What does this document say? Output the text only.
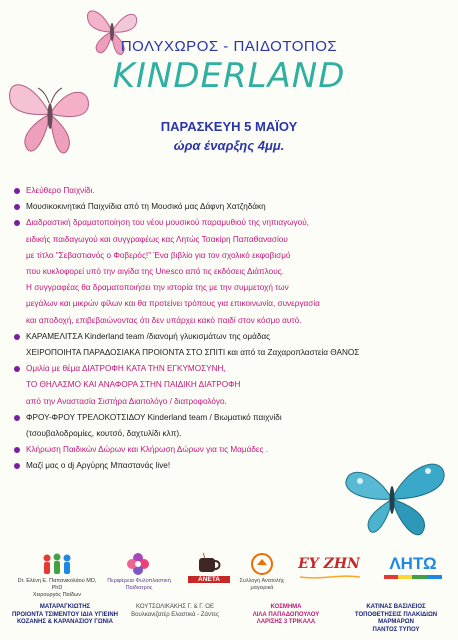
ΠΟΛΥΧΩΡΟΣ - ΠΑΙΔΟΤΟΠΟΣ
KINDERLAND
ΠΑΡΑΣΚΕΥΗ 5 ΜΑΪΟΥ
ώρα έναρξης 4μμ.
Ελεύθερο Παιχνίδι.
Μουσικοκινητικά Παιχνίδια από τη Μουσικό μας Δάφνη Χατζηδάκη
Διαδραστική δραματοποίηση του νέου μουσικού παραμυθιού της νηπιαγωγού,
ειδικής παιδαγωγού και συγγραφέως κας Λητώς Τσακίρη Παπαθανασίου
με τίτλο "Σεβαστιανός ο Φοβερός!" Ένα βιβλίο για τον σχολικό εκφοβισμό
που κυκλοφορεί υπό την αιγίδα της Unesco από τις εκδόσεις Διάπλους.
Η συγγραφέας θα δραματοποιήσει την ιστορία της με την συμμετοχή των
μεγάλων και μικρών φίλων και θα προτείνει τρόπους για επικοινωνία, συνεργασία
και αποδοχή, επιβεβαιώνοντας ότι δεν υπάρχει κακό παιδί στον κόσμο αυτό.
ΚΑΡΑΜΕΛΙΤΣΑ Kinderland team /διανομή γλυκισμάτων της ομάδας
ΧΕΙΡΟΠΟΙΗΤΑ ΠΑΡΑΔΟΣΙΑΚΑ ΠΡΟΙΟΝΤΑ ΣΤΟ ΣΠΙΤΙ και από τα Ζαχαροπλαστεία ΘΑΝΟΣ
Ομιλία με θέμα ΔΙΑΤΡΟΦΗ ΚΑΤΑ ΤΗΝ ΕΓΚΥΜΟΣΥΝΗ,
ΤΟ ΘΗΛΑΣΜΟ ΚΑΙ ΑΝΑΦΟΡΑ ΣΤΗΝ ΠΑΙΔΙΚΗ ΔΙΑΤΡΟΦΗ
από την Αναστασία Σιστήρα Διαιτολόγο / διατροφολόγο.
ΦΡΟΥ-ΦΡΟΥ ΤΡΕΛΟΚΟΤΣΙΔΟΥ Kinderland team / Βιωματικό παιχνίδι
(τσουβαλοδρομίες, κουτσό, δαχτυλίδι κλπ).
Κλήρωση Παιδικών Δώρων και Κλήρωση Δώρων για τις Μαμάδες .
Μαζί μας ο dj Αργύρης Μπαστανάς live!
Dr. Ελένη Ε. Παπανικολάου MD, PhD
Χειρουργός Παίδων
Περιφέρεια Φυλοπλαστική
Παιδιατρος
ΑΝΕΤΑ	Συλλογή Ανατολής
μαγειρικά
ΕΥ ΖΗΝ	ΛΗΤΩ
ΜΑΤΑΡΑΓΚΙΩΤΗΣ
ΠΡΟΙΟΝΤΑ ΤΣΙΜΕΝΤΟΥ ΙΔΙΑ ΥΓΙΕΙΝΗ
ΚΟΖΑΝΗΣ & ΚΑΡΑΝΑΣΙΟΥ ΓΩΝΙΑ
ΚΟΥΤΣΟΛΙΚΑΚΗΣ Γ. & Γ. ΟΕ
Βουλκανιζατέρ Ελαστικά - Ζάντες
ΚΟΣΜΗΜΑ
ΛΙΛΑ ΠΑΠΑΔΟΠΟΥΛΟΥ
ΛΑΡΙΣΗΣ 3 ΤΡΙΚΑΛΑ
ΚΑΤΙΝΑΣ ΒΑΣΙΛΕΙΟΣ
ΤΟΠΟΘΕΤΗΣΕΙΣ ΠΛΑΚΙΔΙΩΝ ΜΑΡΜΑΡΩΝ
ΠΑΝΤΟΣ ΤΥΠΟΥ
